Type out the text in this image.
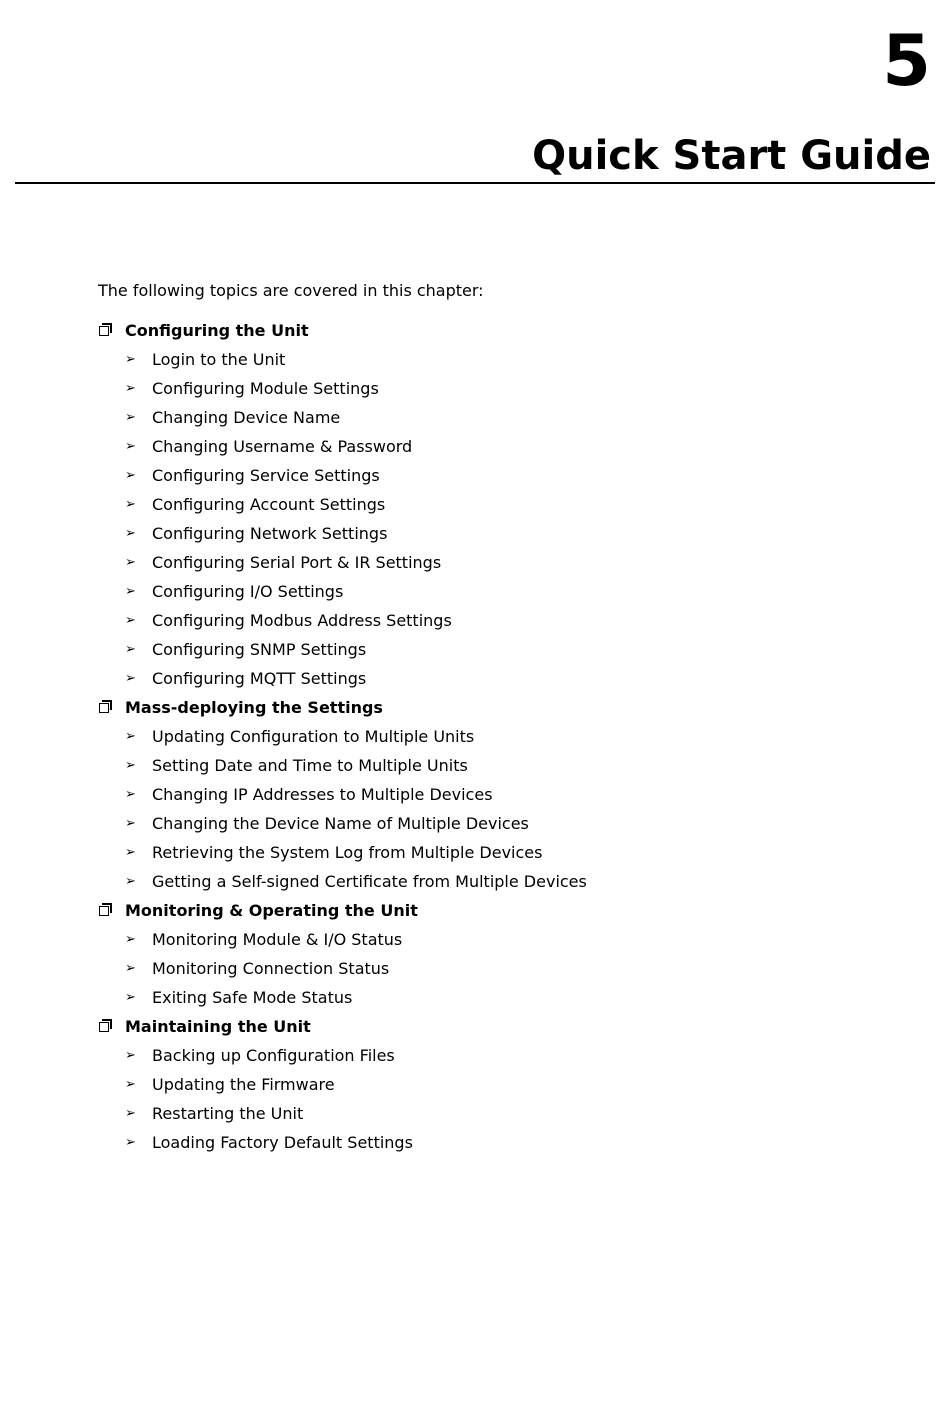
5
Quick Start Guide

The following topics are covered in this chapter:

Configuring the Unit
➢ Login to the Unit
➢ Configuring Module Settings
➢ Changing Device Name
➢ Changing Username & Password
➢ Configuring Service Settings
➢ Configuring Account Settings
➢ Configuring Network Settings
➢ Configuring Serial Port & IR Settings
➢ Configuring I/O Settings
➢ Configuring Modbus Address Settings
➢ Configuring SNMP Settings
➢ Configuring MQTT Settings
Mass-deploying the Settings
➢ Updating Configuration to Multiple Units
➢ Setting Date and Time to Multiple Units
➢ Changing IP Addresses to Multiple Devices
➢ Changing the Device Name of Multiple Devices
➢ Retrieving the System Log from Multiple Devices
➢ Getting a Self-signed Certificate from Multiple Devices
Monitoring & Operating the Unit
➢ Monitoring Module & I/O Status
➢ Monitoring Connection Status
➢ Exiting Safe Mode Status
Maintaining the Unit
➢ Backing up Configuration Files
➢ Updating the Firmware
➢ Restarting the Unit
➢ Loading Factory Default Settings
